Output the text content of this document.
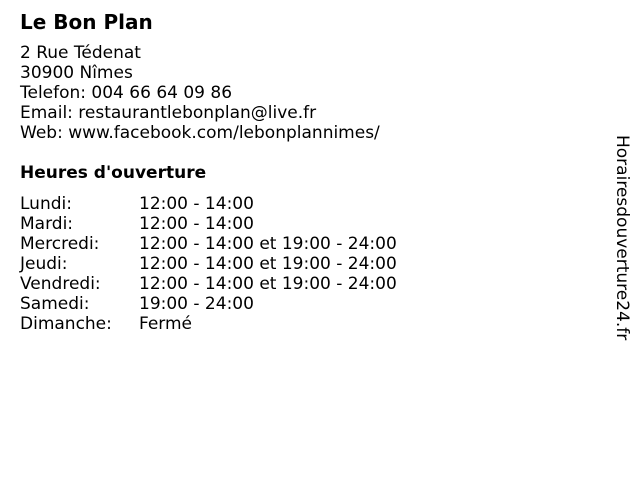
Le Bon Plan
2 Rue Tédenat
30900 Nîmes
Telefon: 004 66 64 09 86
Email: restaurantlebonplan@live.fr
Web: www.facebook.com/lebonplannimes/
Heures d'ouverture
Lundi:	12:00 - 14:00
Mardi:	12:00 - 14:00
Mercredi:	12:00 - 14:00 et 19:00 - 24:00
Jeudi:	12:00 - 14:00 et 19:00 - 24:00
Vendredi:	12:00 - 14:00 et 19:00 - 24:00
Samedi:	19:00 - 24:00
Dimanche:	Fermé	Horairesdouverture24.fr
